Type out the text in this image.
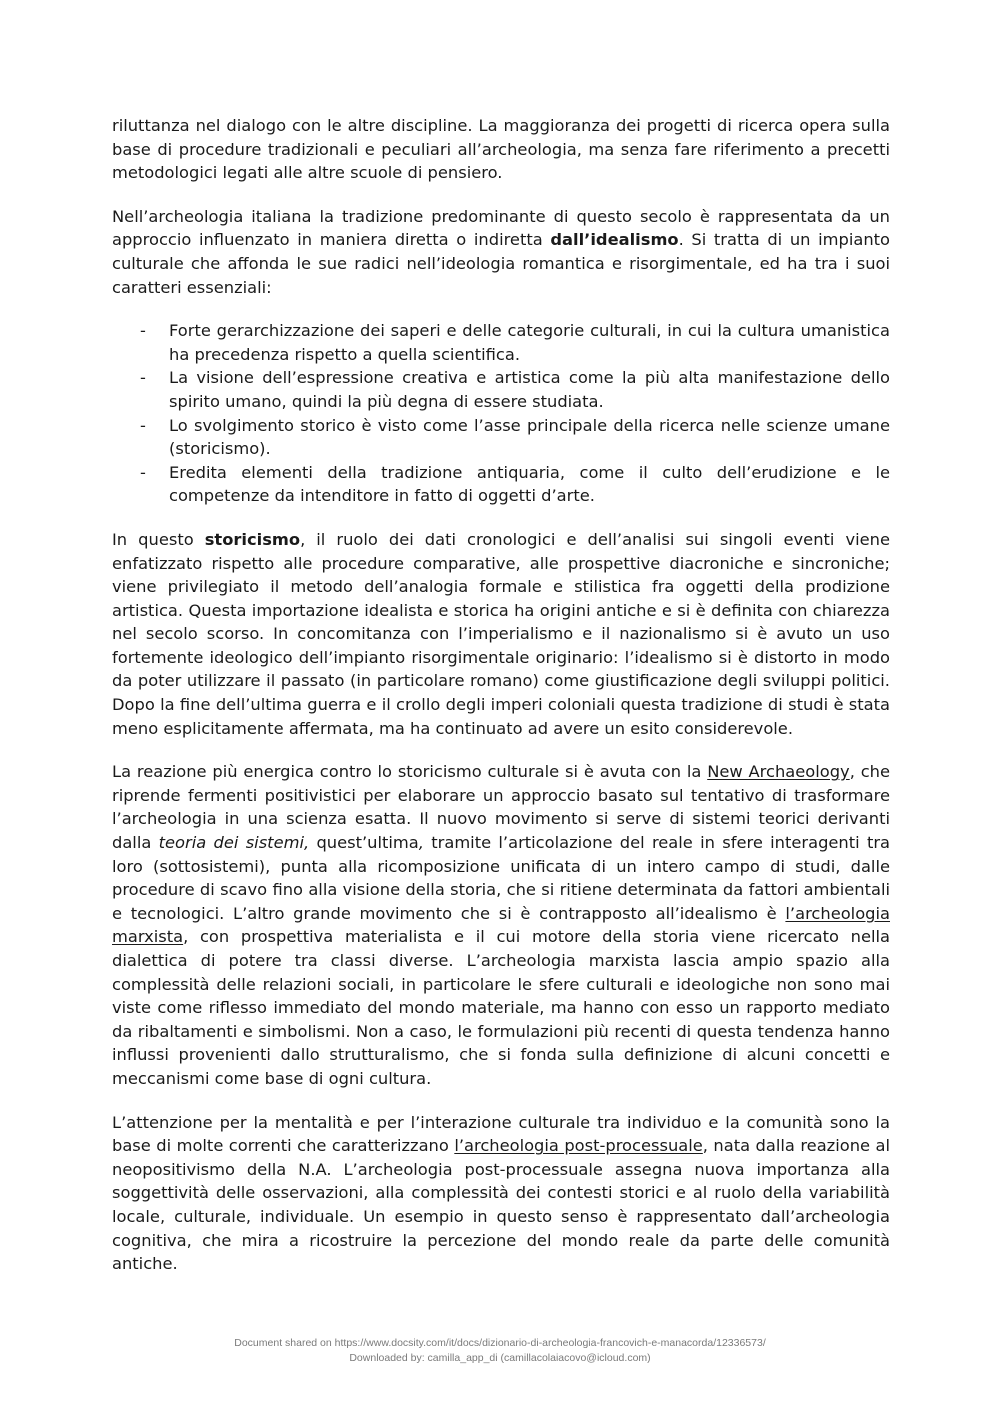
riluttanza nel dialogo con le altre discipline. La maggioranza dei progetti di ricerca opera sulla base di procedure tradizionali e peculiari all’archeologia, ma senza fare riferimento a precetti metodologici legati alle altre scuole di pensiero.

Nell’archeologia italiana la tradizione predominante di questo secolo è rappresentata da un approccio influenzato in maniera diretta o indiretta dall’idealismo. Si tratta di un impianto culturale che affonda le sue radici nell’ideologia romantica e risorgimentale, ed ha tra i suoi caratteri essenziali:

- Forte gerarchizzazione dei saperi e delle categorie culturali, in cui la cultura umanistica ha precedenza rispetto a quella scientifica.
- La visione dell’espressione creativa e artistica come la più alta manifestazione dello spirito umano, quindi la più degna di essere studiata.
- Lo svolgimento storico è visto come l’asse principale della ricerca nelle scienze umane (storicismo).
- Eredita elementi della tradizione antiquaria, come il culto dell’erudizione e le competenze da intenditore in fatto di oggetti d’arte.

In questo storicismo, il ruolo dei dati cronologici e dell’analisi sui singoli eventi viene enfatizzato rispetto alle procedure comparative, alle prospettive diacroniche e sincroniche; viene privilegiato il metodo dell’analogia formale e stilistica fra oggetti della prodizione artistica. Questa importazione idealista e storica ha origini antiche e si è definita con chiarezza nel secolo scorso. In concomitanza con l’imperialismo e il nazionalismo si è avuto un uso fortemente ideologico dell’impianto risorgimentale originario: l’idealismo si è distorto in modo da poter utilizzare il passato (in particolare romano) come giustificazione degli sviluppi politici. Dopo la fine dell’ultima guerra e il crollo degli imperi coloniali questa tradizione di studi è stata meno esplicitamente affermata, ma ha continuato ad avere un esito considerevole.

La reazione più energica contro lo storicismo culturale si è avuta con la New Archaeology, che riprende fermenti positivistici per elaborare un approccio basato sul tentativo di trasformare l’archeologia in una scienza esatta. Il nuovo movimento si serve di sistemi teorici derivanti dalla teoria dei sistemi, quest’ultima, tramite l’articolazione del reale in sfere interagenti tra loro (sottosistemi), punta alla ricomposizione unificata di un intero campo di studi, dalle procedure di scavo fino alla visione della storia, che si ritiene determinata da fattori ambientali e tecnologici. L’altro grande movimento che si è contrapposto all’idealismo è l’archeologia marxista, con prospettiva materialista e il cui motore della storia viene ricercato nella dialettica di potere tra classi diverse. L’archeologia marxista lascia ampio spazio alla complessità delle relazioni sociali, in particolare le sfere culturali e ideologiche non sono mai viste come riflesso immediato del mondo materiale, ma hanno con esso un rapporto mediato da ribaltamenti e simbolismi. Non a caso, le formulazioni più recenti di questa tendenza hanno influssi provenienti dallo strutturalismo, che si fonda sulla definizione di alcuni concetti e meccanismi come base di ogni cultura.

L’attenzione per la mentalità e per l’interazione culturale tra individuo e la comunità sono la base di molte correnti che caratterizzano l’archeologia post-processuale, nata dalla reazione al neopositivismo della N.A. L’archeologia post-processuale assegna nuova importanza alla soggettività delle osservazioni, alla complessità dei contesti storici e al ruolo della variabilità locale, culturale, individuale. Un esempio in questo senso è rappresentato dall’archeologia cognitiva, che mira a ricostruire la percezione del mondo reale da parte delle comunità antiche.

Document shared on https://www.docsity.com/it/docs/dizionario-di-archeologia-francovich-e-manacorda/12336573/
Downloaded by: camilla_app_di (camillacolaiacovo@icloud.com)
